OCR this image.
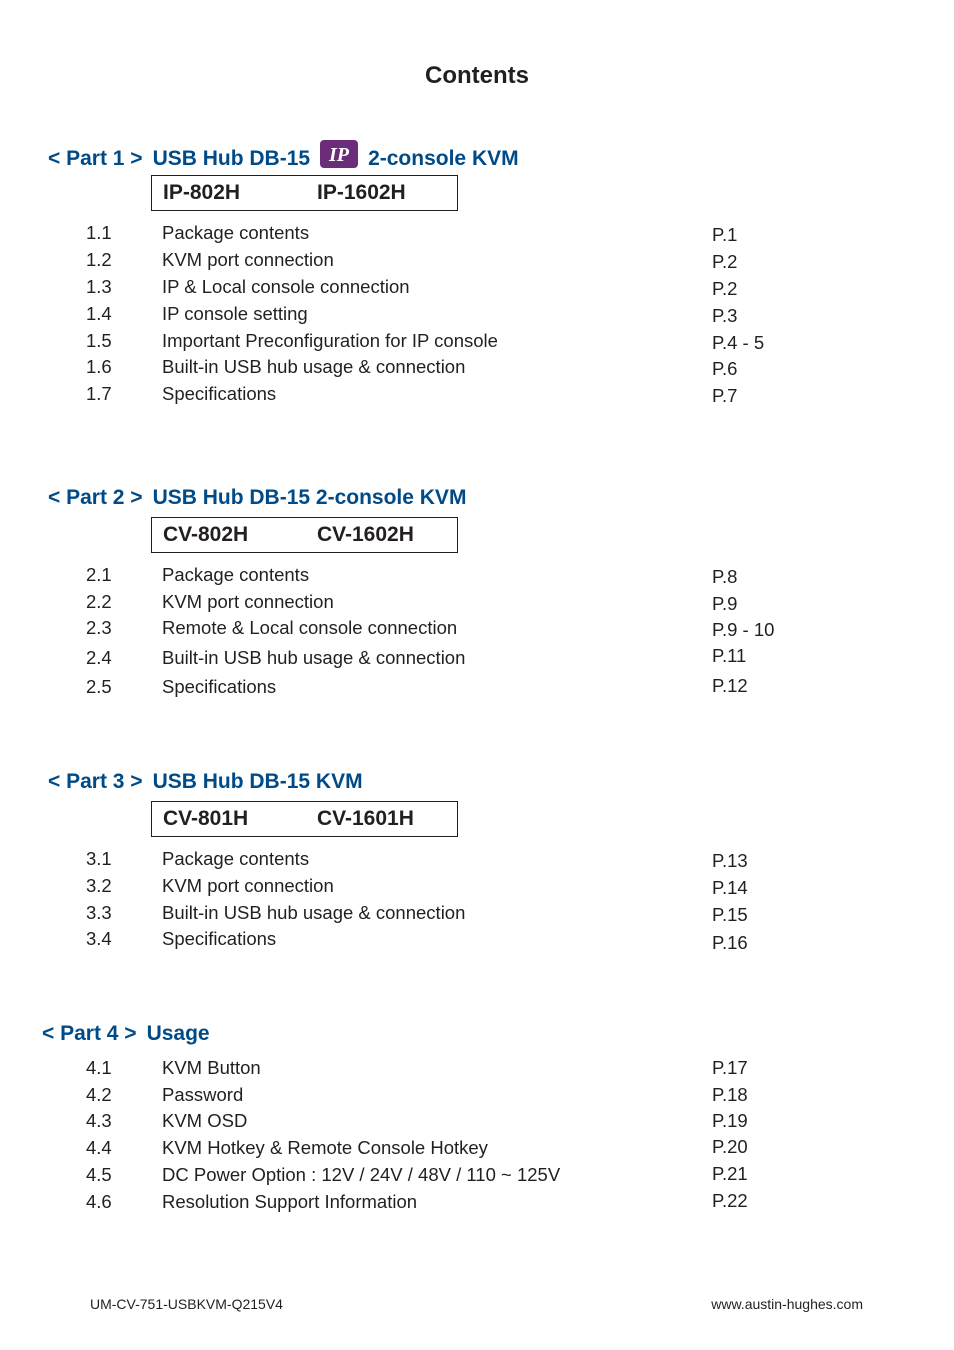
Contents
< Part 1 > USB Hub DB-15 IP 2-console KVM
IP-802H	IP-1602H
1.1	Package contents	P.1
1.2	KVM port connection	P.2
1.3	IP & Local console connection	P.2
1.4	IP console setting	P.3
1.5	Important Preconfiguration for IP console	P.4 - 5
1.6	Built-in USB hub usage & connection	P.6
1.7	Specifications	P.7
< Part 2 > USB Hub DB-15 2-console KVM
CV-802H	CV-1602H
2.1	Package contents	P.8
2.2	KVM port connection	P.9
2.3	Remote & Local console connection	P.9 - 10
2.4	Built-in USB hub usage & connection	P.11
2.5	Specifications	P.12
< Part 3 > USB Hub DB-15 KVM
CV-801H	CV-1601H
3.1	Package contents	P.13
3.2	KVM port connection	P.14
3.3	Built-in USB hub usage & connection	P.15
3.4	Specifications	P.16
< Part 4 > Usage
4.1	KVM Button	P.17
4.2	Password	P.18
4.3	KVM OSD	P.19
4.4	KVM Hotkey & Remote Console Hotkey	P.20
4.5	DC Power Option : 12V / 24V / 48V / 110 ~ 125V	P.21
4.6	Resolution Support Information	P.22
UM-CV-751-USBKVM-Q215V4	www.austin-hughes.com
